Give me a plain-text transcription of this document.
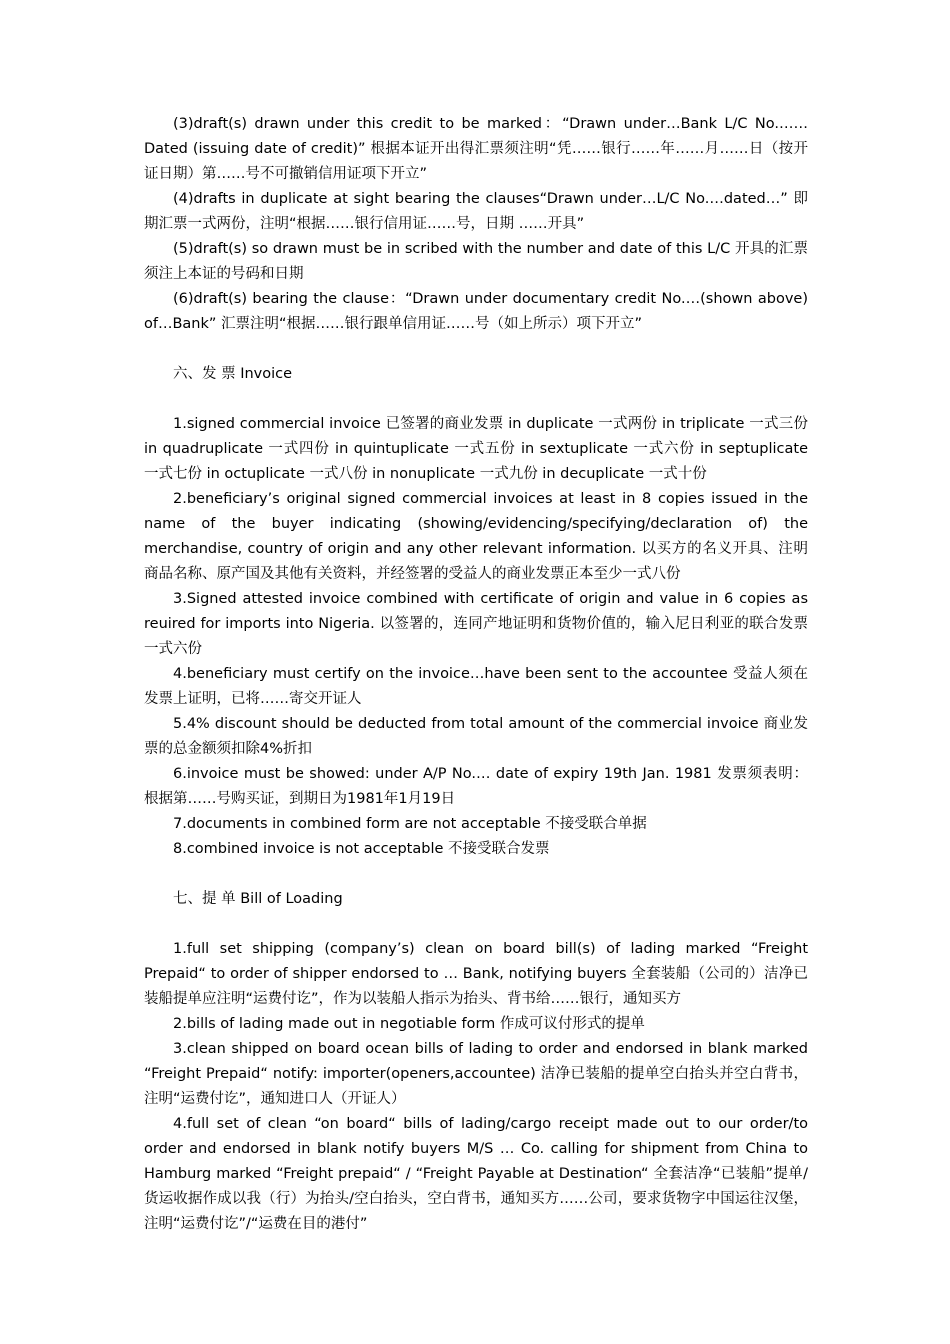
(3)draft(s) drawn under this credit to be marked：“Drawn under…Bank L/C No.……Dated (issuing date of credit)” 根据本证开出得汇票须注明“凭……银行……年……月……日（按开证日期）第……号不可撤销信用证项下开立”

(4)drafts in duplicate at sight bearing the clauses“Drawn under…L/C No.…dated…” 即期汇票一式两份，注明“根据……银行信用证……号，日期 ……开具”

(5)draft(s) so drawn must be in scribed with the number and date of this L/C 开具的汇票须注上本证的号码和日期

(6)draft(s) bearing the clause：“Drawn under documentary credit No.…(shown above) of…Bank” 汇票注明“根据……银行跟单信用证……号（如上所示）项下开立”

六、发 票 Invoice

1.signed commercial invoice 已签署的商业发票 in duplicate 一式两份 in triplicate 一式三份 in quadruplicate 一式四份 in quintuplicate 一式五份 in sextuplicate 一式六份 in septuplicate 一式七份 in octuplicate 一式八份 in nonuplicate 一式九份 in decuplicate 一式十份

2.beneficiary’s original signed commercial invoices at least in 8 copies issued in the name of the buyer indicating (showing/evidencing/specifying/declaration of) the merchandise, country of origin and any other relevant information. 以买方的名义开具、注明商品名称、原产国及其他有关资料，并经签署的受益人的商业发票正本至少一式八份

3.Signed attested invoice combined with certificate of origin and value in 6 copies as reuired for imports into Nigeria. 以签署的，连同产地证明和货物价值的，输入尼日利亚的联合发票一式六份

4.beneficiary must certify on the invoice…have been sent to the accountee 受益人须在发票上证明，已将……寄交开证人

5.4% discount should be deducted from total amount of the commercial invoice 商业发票的总金额须扣除4%折扣

6.invoice must be showed: under A/P No.… date of expiry 19th Jan. 1981 发票须表明：根据第……号购买证，到期日为1981年1月19日

7.documents in combined form are not acceptable 不接受联合单据

8.combined invoice is not acceptable 不接受联合发票

七、提 单 Bill of Loading

1.full set shipping (company’s) clean on board bill(s) of lading marked “Freight Prepaid“ to order of shipper endorsed to … Bank, notifying buyers 全套装船（公司的）洁净已装船提单应注明“运费付讫”，作为以装船人指示为抬头、背书给……银行，通知买方

2.bills of lading made out in negotiable form 作成可议付形式的提单

3.clean shipped on board ocean bills of lading to order and endorsed in blank marked “Freight Prepaid“ notify: importer(openers,accountee) 洁净已装船的提单空白抬头并空白背书，注明“运费付讫”，通知进口人（开证人）

4.full set of clean “on board“ bills of lading/cargo receipt made out to our order/to order and endorsed in blank notify buyers M/S … Co. calling for shipment from China to Hamburg marked “Freight prepaid“ / “Freight Payable at Destination“ 全套洁净“已装船”提单/货运收据作成以我（行）为抬头/空白抬头，空白背书，通知买方……公司，要求货物字中国运往汉堡，注明“运费付讫”/“运费在目的港付”
